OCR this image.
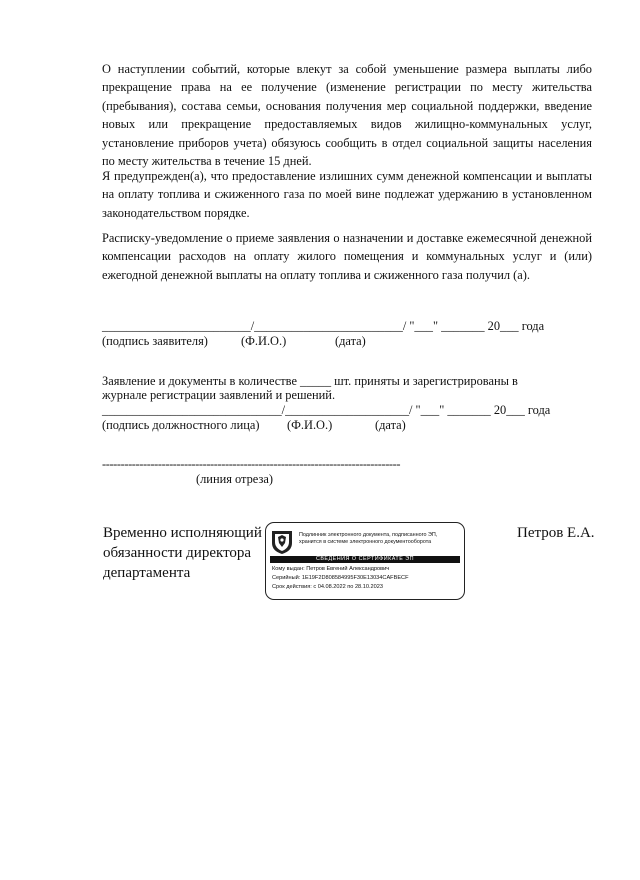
О наступлении событий, которые влекут за собой уменьшение размера выплаты либо прекращение права на ее получение (изменение регистрации по месту жительства (пребывания), состава семьи, основания получения мер социальной поддержки, введение новых или прекращение предоставляемых видов жилищно-коммунальных услуг, установление приборов учета) обязуюсь сообщить в отдел социальной защиты населения по месту жительства в течение 15 дней.

Я предупрежден(а), что предоставление излишних сумм денежной компенсации и выплаты на оплату топлива и сжиженного газа по моей вине подлежат удержанию в установленном законодательством порядке.

Расписку-уведомление о приеме заявления о назначении и доставке ежемесячной денежной компенсации расходов на оплату жилого помещения и коммунальных услуг и (или) ежегодной денежной выплаты на оплату топлива и сжиженного газа получил (а).

________________________/________________________/ "___" _______ 20___ года
(подпись заявителя)	(Ф.И.О.)	(дата)
Заявление и документы в количестве _____ шт. приняты и зарегистрированы в
журнале регистрации заявлений и решений.
_____________________________/____________________/ "___" _______ 20___ года
(подпись должностного лица) (Ф.И.О.)	(дата)
--------------------------------------------------------------------------------
(линия отреза)
Временно исполняющий
обязанности директора
департамента
Петров Е.А.
Подлинник электронного документа, подписанного ЭП,
хранится в системе электронного документооборота
СВЕДЕНИЯ О СЕРТИФИКАТЕ ЭП
Кому выдан: Петров Евгений Александрович
Серийный: 1E19F2D808584995F30E13034CAFBECF
Срок действия: с 04.08.2022 по 28.10.2023
